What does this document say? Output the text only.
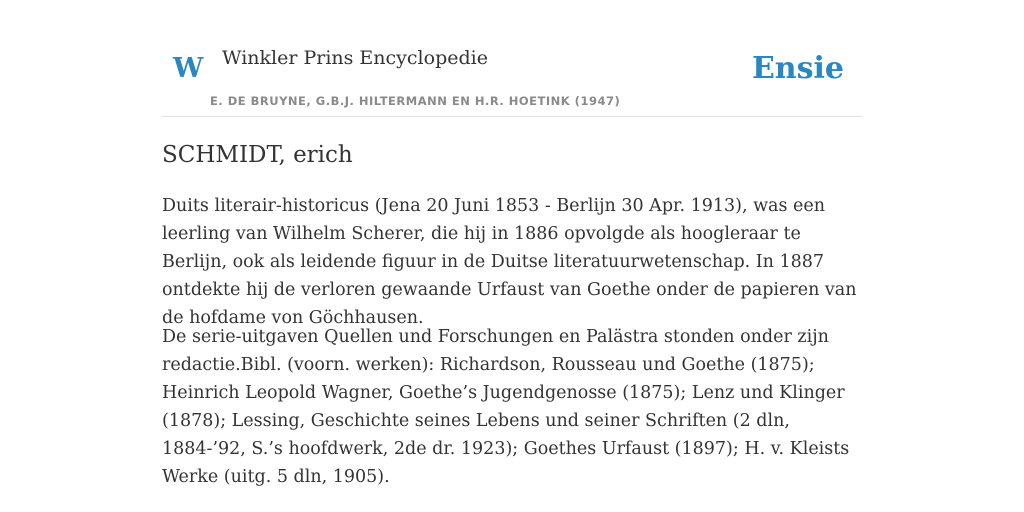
W Winkler Prins Encyclopedie
E. DE BRUYNE, G.B.J. HILTERMANN EN H.R. HOETINK (1947)
Ensie
SCHMIDT, erich

Duits literair-historicus (Jena 20 Juni 1853 - Berlijn 30 Apr. 1913), was een leerling van Wilhelm Scherer, die hij in 1886 opvolgde als hoogleraar te Berlijn, ook als leidende figuur in de Duitse literatuurwetenschap. In 1887 ontdekte hij de verloren gewaande Urfaust van Goethe onder de papieren van de hofdame von Göchhausen.

De serie-uitgaven Quellen und Forschungen en Palästra stonden onder zijn redactie.Bibl. (voorn. werken): Richardson, Rousseau und Goethe (1875); Heinrich Leopold Wagner, Goethe’s Jugendgenosse (1875); Lenz und Klinger (1878); Lessing, Geschichte seines Lebens und seiner Schriften (2 dln, 1884-’92, S.’s hoofdwerk, 2de dr. 1923); Goethes Urfaust (1897); H. v. Kleists Werke (uitg. 5 dln, 1905).
